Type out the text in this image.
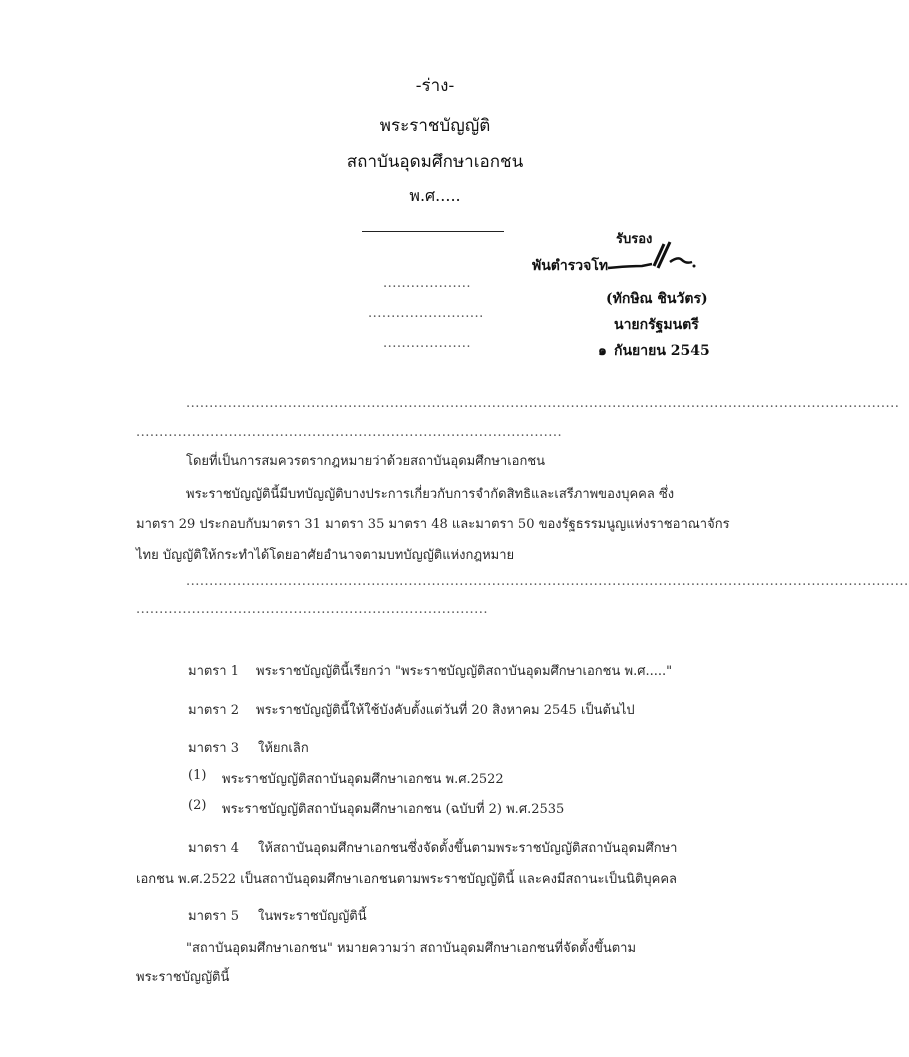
-ร่าง-
พระราชบัญญัติ
สถาบันอุดมศึกษาเอกชน
พ.ศ.....
...................
.........................
...................
รับรอง
พันตำรวจโท
(ทักษิณ ชินวัตร)
นายกรัฐมนตรี
๑ กันยายน 2545
..........................................................................................................................................................
............................................................................................
โดยที่เป็นการสมควรตรากฎหมายว่าด้วยสถาบันอุดมศึกษาเอกชน
พระราชบัญญัตินี้มีบทบัญญัติบางประการเกี่ยวกับการจำกัดสิทธิและเสรีภาพของบุคคล ซึ่ง
มาตรา 29 ประกอบกับมาตรา 31 มาตรา 35 มาตรา 48 และมาตรา 50 ของรัฐธรรมนูญแห่งราชอาณาจักร
ไทย บัญญัติให้กระทำได้โดยอาศัยอำนาจตามบทบัญญัติแห่งกฎหมาย
............................................................................................................................................................
............................................................................
มาตรา 1 พระราชบัญญัตินี้เรียกว่า "พระราชบัญญัติสถาบันอุดมศึกษาเอกชน พ.ศ....."
มาตรา 2 พระราชบัญญัตินี้ให้ใช้บังคับตั้งแต่วันที่ 20 สิงหาคม 2545 เป็นต้นไป
มาตรา 3 ให้ยกเลิก
(1) พระราชบัญญัติสถาบันอุดมศึกษาเอกชน พ.ศ.2522
(2) พระราชบัญญัติสถาบันอุดมศึกษาเอกชน (ฉบับที่ 2) พ.ศ.2535
มาตรา 4 ให้สถาบันอุดมศึกษาเอกชนซึ่งจัดตั้งขึ้นตามพระราชบัญญัติสถาบันอุดมศึกษา
เอกชน พ.ศ.2522 เป็นสถาบันอุดมศึกษาเอกชนตามพระราชบัญญัตินี้ และคงมีสถานะเป็นนิติบุคคล
มาตรา 5 ในพระราชบัญญัตินี้
"สถาบันอุดมศึกษาเอกชน" หมายความว่า สถาบันอุดมศึกษาเอกชนที่จัดตั้งขึ้นตาม
พระราชบัญญัตินี้
